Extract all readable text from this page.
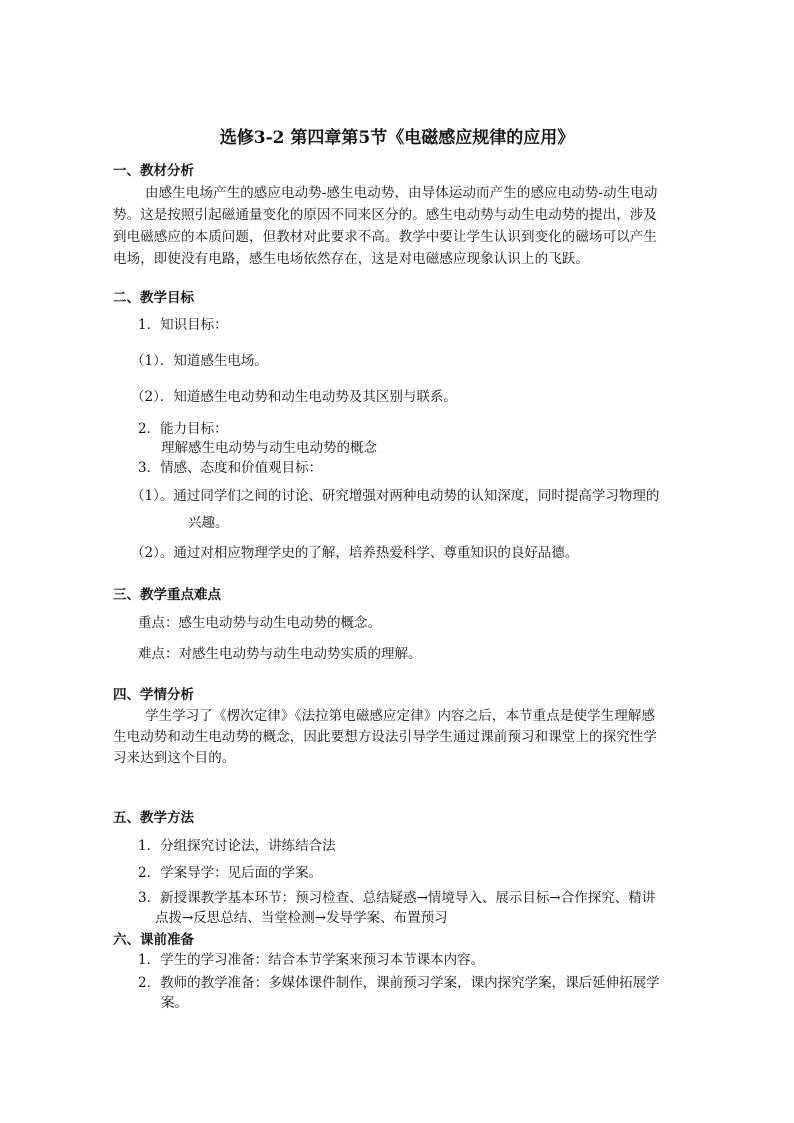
选修3-2 第四章第5节《电磁感应规律的应用》
一、教材分析
由感生电场产生的感应电动势-感生电动势，由导体运动而产生的感应电动势-动生电动
势。这是按照引起磁通量变化的原因不同来区分的。感生电动势与动生电动势的提出，涉及
到电磁感应的本质问题，但教材对此要求不高。教学中要让学生认识到变化的磁场可以产生
电场，即使没有电路，感生电场依然存在，这是对电磁感应现象认识上的飞跃。
二、教学目标
1．知识目标：
（1）．知道感生电场。
（2）．知道感生电动势和动生电动势及其区别与联系。
2．能力目标：
理解感生电动势与动生电动势的概念
3．情感、态度和价值观目标：
（1）。通过同学们之间的讨论、研究增强对两种电动势的认知深度，同时提高学习物理的
兴趣。
（2）。通过对相应物理学史的了解，培养热爱科学、尊重知识的良好品德。
三、教学重点难点
重点：感生电动势与动生电动势的概念。
难点：对感生电动势与动生电动势实质的理解。
四、学情分析
学生学习了《楞次定律》《法拉第电磁感应定律》内容之后，本节重点是使学生理解感
生电动势和动生电动势的概念，因此要想方设法引导学生通过课前预习和课堂上的探究性学
习来达到这个目的。
五、教学方法
1．分组探究讨论法，讲练结合法
2．学案导学：见后面的学案。
3．新授课教学基本环节：预习检查、总结疑惑→情境导入、展示目标→合作探究、精讲
点拨→反思总结、当堂检测→发导学案、布置预习
六、课前准备
1．学生的学习准备：结合本节学案来预习本节课本内容。
2．教师的教学准备：多媒体课件制作，课前预习学案，课内探究学案，课后延伸拓展学
案。
